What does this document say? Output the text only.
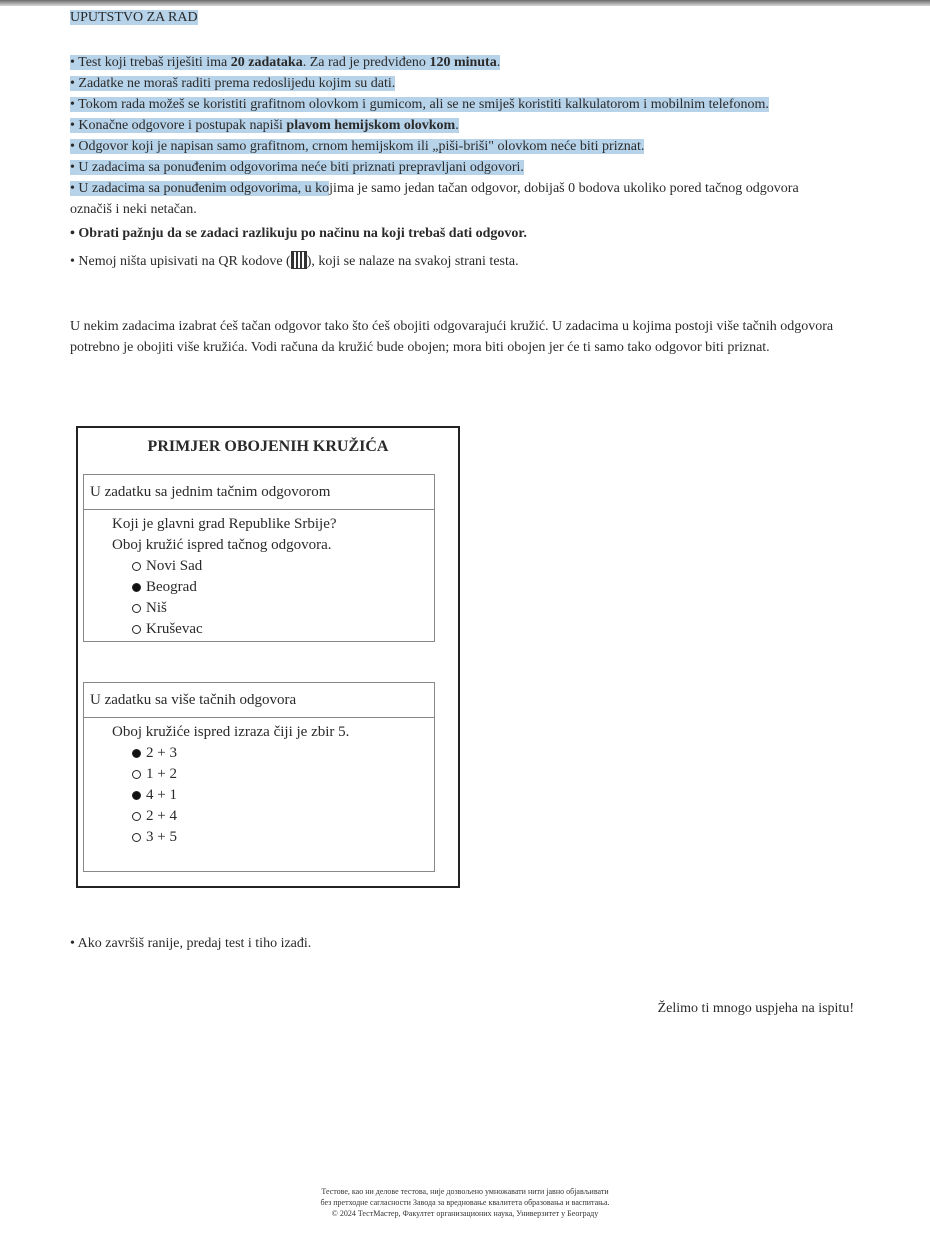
UPUTSTVO ZA RAD

• Test koji trebaš riješiti ima 20 zadataka. Za rad je predviđeno 120 minuta.

• Zadatke ne moraš raditi prema redoslijedu kojim su dati.

• Tokom rada možeš se koristiti grafitnom olovkom i gumicom, ali se ne smiješ koristiti kalkulatorom i mobilnim telefonom.

• Konačne odgovore i postupak napiši plavom hemijskom olovkom.

• Odgovor koji je napisan samo grafitnom, crnom hemijskom ili „piši-briši" olovkom neće biti priznat.

• U zadacima sa ponuđenim odgovorima neće biti priznati prepravljani odgovori.

• U zadacima sa ponuđenim odgovorima, u kojima je samo jedan tačan odgovor, dobijaš 0 bodova ukoliko pored tačnog odgovora označiš i neki netačan.

• Obrati pažnju da se zadaci razlikuju po načinu na koji trebaš dati odgovor.

• Nemoj ništa upisivati na QR kodove ( ), koji se nalaze na svakoj strani testa.

U nekim zadacima izabrat ćeš tačan odgovor tako što ćeš obojiti odgovarajući kružić. U zadacima u kojima postoji više tačnih odgovora potrebno je obojiti više kružića. Vodi računa da kružić bude obojen; mora biti obojen jer će ti samo tako odgovor biti priznat.
PRIMJER OBOJENIH KRUŽIĆA
U zadatku sa jednim tačnim odgovorom
Koji je glavni grad Republike Srbije?
Oboj kružić ispred tačnog odgovora.
Novi Sad
Beograd
Niš
Kruševac
U zadatku sa više tačnih odgovora
Oboj kružiće ispred izraza čiji je zbir 5.
2 + 3
1 + 2
4 + 1
2 + 4
3 + 5
• Ako završiš ranije, predaj test i tiho izađi.
Želimo ti mnogo uspjeha na ispitu!
Тестове, као ни делове тестова, није дозвољено умножавати нити јавно објављивати
без претходне сагласности Завода за вредновање квалитета образовања и васпитања.
© 2024 ТестМастер, Факултет организационих наука, Универзитет у Београду
